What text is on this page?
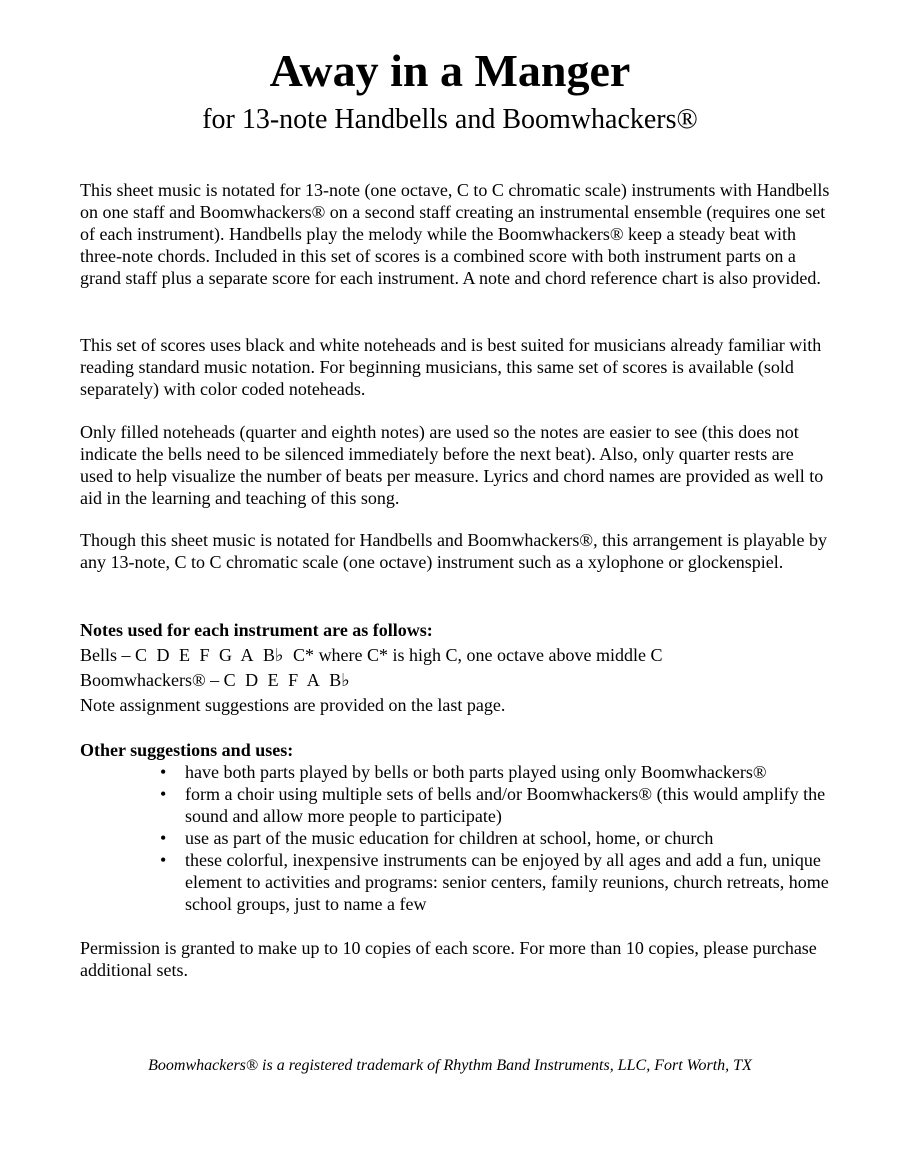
Away in a Manger
for 13-note Handbells and Boomwhackers®

This sheet music is notated for 13-note (one octave, C to C chromatic scale) instruments with Handbells on one staff and Boomwhackers® on a second staff creating an instrumental ensemble (requires one set of each instrument). Handbells play the melody while the Boomwhackers® keep a steady beat with three-note chords. Included in this set of scores is a combined score with both instrument parts on a grand staff plus a separate score for each instrument. A note and chord reference chart is also provided.

This set of scores uses black and white noteheads and is best suited for musicians already familiar with reading standard music notation. For beginning musicians, this same set of scores is available (sold separately) with color coded noteheads.

Only filled noteheads (quarter and eighth notes) are used so the notes are easier to see (this does not indicate the bells need to be silenced immediately before the next beat). Also, only quarter rests are used to help visualize the number of beats per measure. Lyrics and chord names are provided as well to aid in the learning and teaching of this song.

Though this sheet music is notated for Handbells and Boomwhackers®, this arrangement is playable by any 13-note, C to C chromatic scale (one octave) instrument such as a xylophone or glockenspiel.

Notes used for each instrument are as follows:
Bells – C D E F G A B♭ C* where C* is high C, one octave above middle C
Boomwhackers® – C D E F A B♭
Note assignment suggestions are provided on the last page.
Other suggestions and uses:
• have both parts played by bells or both parts played using only Boomwhackers®
• form a choir using multiple sets of bells and/or Boomwhackers® (this would amplify the sound and allow more people to participate)
• use as part of the music education for children at school, home, or church
• these colorful, inexpensive instruments can be enjoyed by all ages and add a fun, unique element to activities and programs: senior centers, family reunions, church retreats, home school groups, just to name a few

Permission is granted to make up to 10 copies of each score. For more than 10 copies, please purchase additional sets.

Boomwhackers® is a registered trademark of Rhythm Band Instruments, LLC, Fort Worth, TX
